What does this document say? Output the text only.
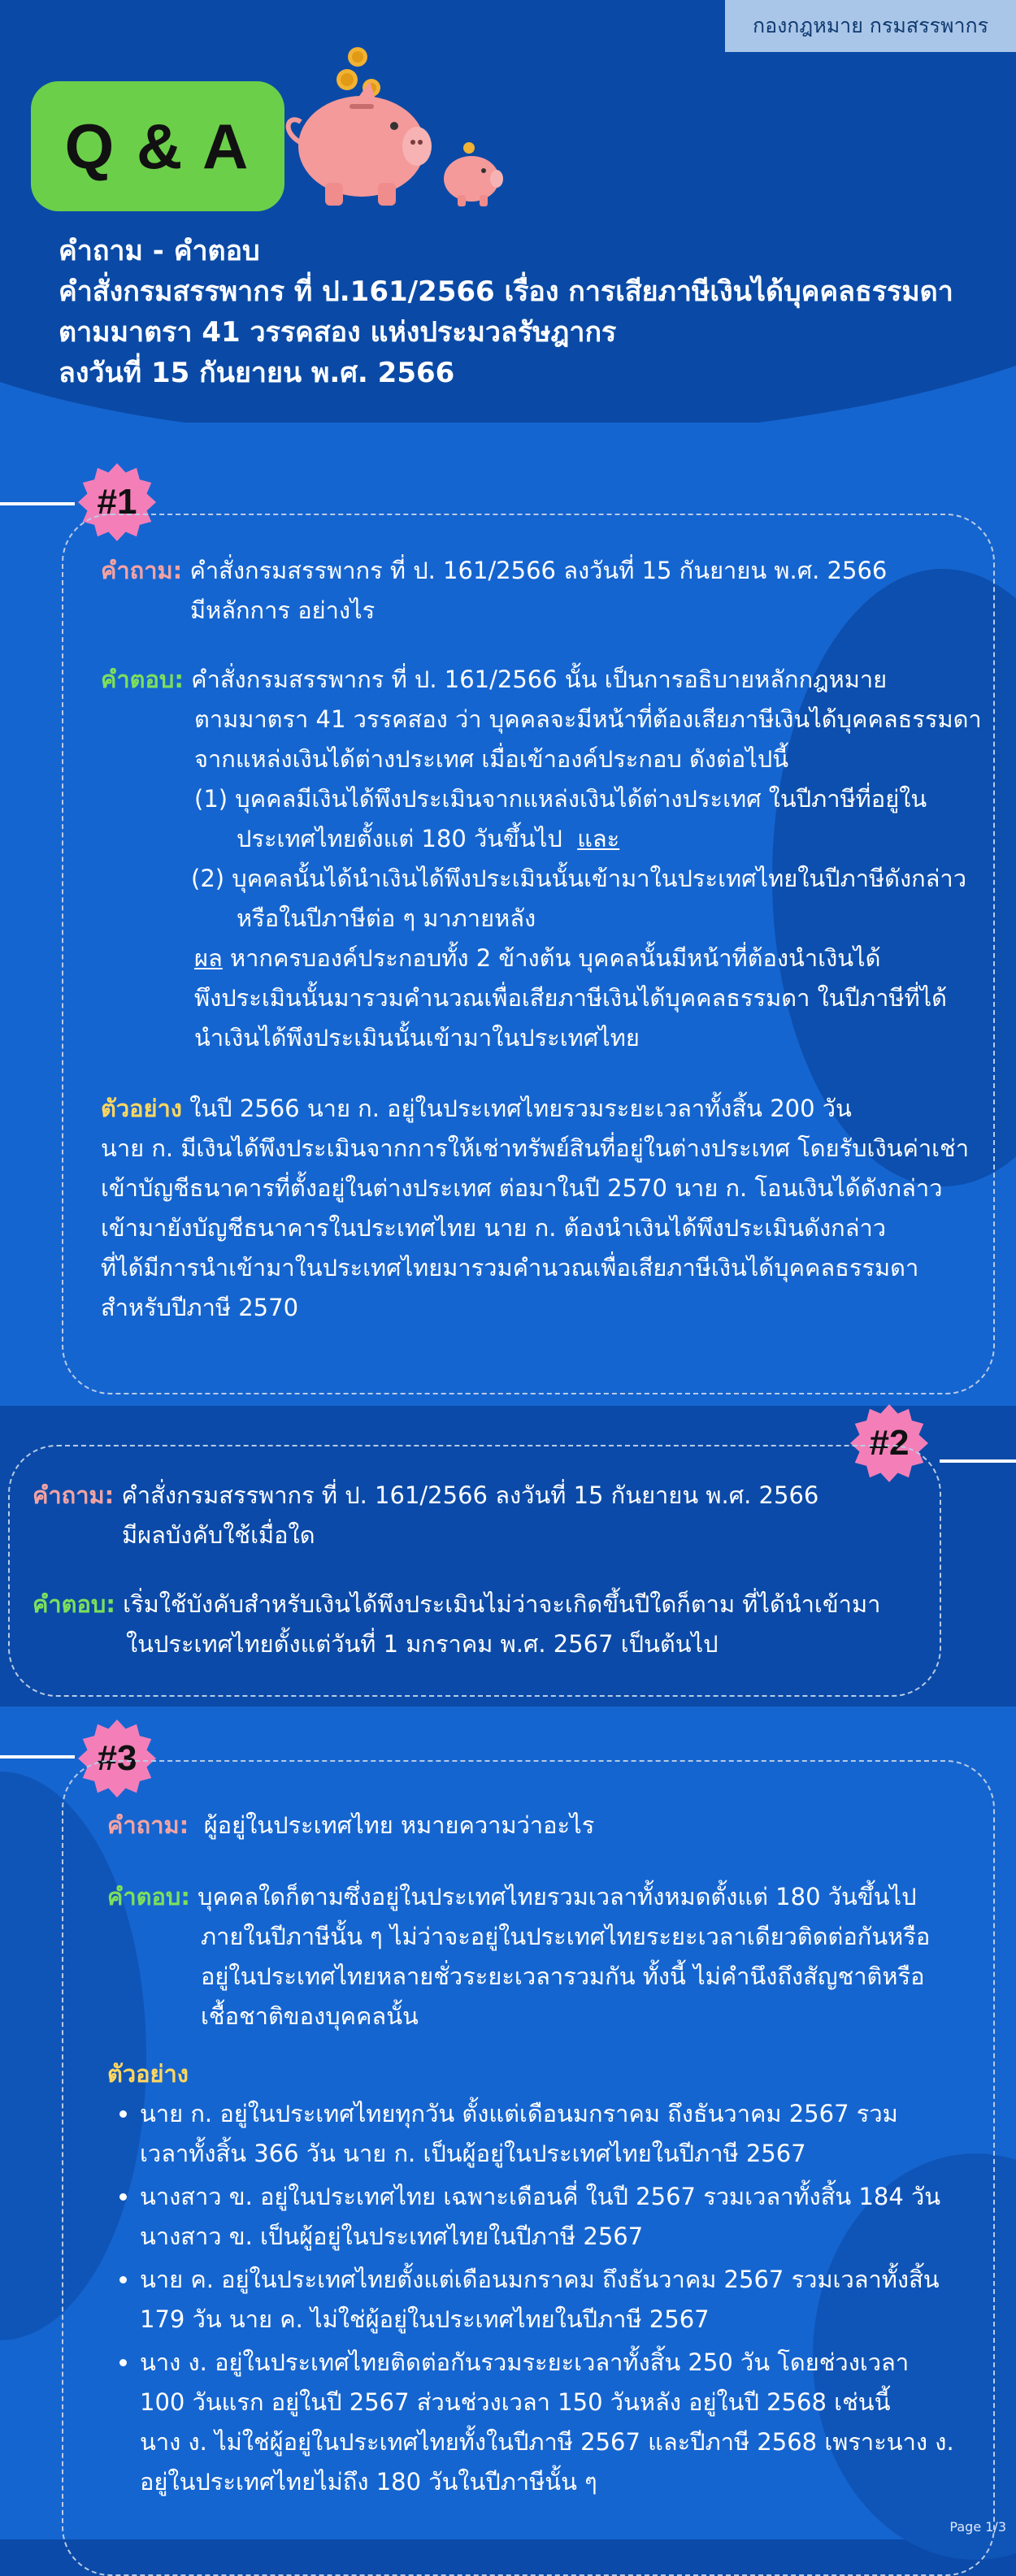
กองกฎหมาย กรมสรรพากร
Q & A
คำถาม - คำตอบ
คำสั่งกรมสรรพากร ที่ ป.161/2566 เรื่อง การเสียภาษีเงินได้บุคคลธรรมดา
ตามมาตรา 41 วรรคสอง แห่งประมวลรัษฎากร
ลงวันที่ 15 กันยายน พ.ศ. 2566
#1
คำถาม: คำสั่งกรมสรรพากร ที่ ป. 161/2566 ลงวันที่ 15 กันยายน พ.ศ. 2566
มีหลักการ อย่างไร
คำตอบ: คำสั่งกรมสรรพากร ที่ ป. 161/2566 นั้น เป็นการอธิบายหลักกฎหมาย
ตามมาตรา 41 วรรคสอง ว่า บุคคลจะมีหน้าที่ต้องเสียภาษีเงินได้บุคคลธรรมดา
จากแหล่งเงินได้ต่างประเทศ เมื่อเข้าองค์ประกอบ ดังต่อไปนี้
(1) บุคคลมีเงินได้พึงประเมินจากแหล่งเงินได้ต่างประเทศ ในปีภาษีที่อยู่ใน
ประเทศไทยตั้งแต่ 180 วันขึ้นไป และ
(2) บุคคลนั้นได้นำเงินได้พึงประเมินนั้นเข้ามาในประเทศไทยในปีภาษีดังกล่าว
หรือในปีภาษีต่อ ๆ มาภายหลัง
ผล หากครบองค์ประกอบทั้ง 2 ข้างต้น บุคคลนั้นมีหน้าที่ต้องนำเงินได้
พึงประเมินนั้นมารวมคำนวณเพื่อเสียภาษีเงินได้บุคคลธรรมดา ในปีภาษีที่ได้
นำเงินได้พึงประเมินนั้นเข้ามาในประเทศไทย
ตัวอย่าง ในปี 2566 นาย ก. อยู่ในประเทศไทยรวมระยะเวลาทั้งสิ้น 200 วัน
นาย ก. มีเงินได้พึงประเมินจากการให้เช่าทรัพย์สินที่อยู่ในต่างประเทศ โดยรับเงินค่าเช่า
เข้าบัญชีธนาคารที่ตั้งอยู่ในต่างประเทศ ต่อมาในปี 2570 นาย ก. โอนเงินได้ดังกล่าว
เข้ามายังบัญชีธนาคารในประเทศไทย นาย ก. ต้องนำเงินได้พึงประเมินดังกล่าว
ที่ได้มีการนำเข้ามาในประเทศไทยมารวมคำนวณเพื่อเสียภาษีเงินได้บุคคลธรรมดา
สำหรับปีภาษี 2570
#2
คำถาม: คำสั่งกรมสรรพากร ที่ ป. 161/2566 ลงวันที่ 15 กันยายน พ.ศ. 2566
มีผลบังคับใช้เมื่อใด
คำตอบ: เริ่มใช้บังคับสำหรับเงินได้พึงประเมินไม่ว่าจะเกิดขึ้นปีใดก็ตาม ที่ได้นำเข้ามา
ในประเทศไทยตั้งแต่วันที่ 1 มกราคม พ.ศ. 2567 เป็นต้นไป
#3
คำถาม: ผู้อยู่ในประเทศไทย หมายความว่าอะไร
คำตอบ: บุคคลใดก็ตามซึ่งอยู่ในประเทศไทยรวมเวลาทั้งหมดตั้งแต่ 180 วันขึ้นไป
ภายในปีภาษีนั้น ๆ ไม่ว่าจะอยู่ในประเทศไทยระยะเวลาเดียวติดต่อกันหรือ
อยู่ในประเทศไทยหลายชั่วระยะเวลารวมกัน ทั้งนี้ ไม่คำนึงถึงสัญชาติหรือ
เชื้อชาติของบุคคลนั้น
ตัวอย่าง
• นาย ก. อยู่ในประเทศไทยทุกวัน ตั้งแต่เดือนมกราคม ถึงธันวาคม 2567 รวม
เวลาทั้งสิ้น 366 วัน นาย ก. เป็นผู้อยู่ในประเทศไทยในปีภาษี 2567
• นางสาว ข. อยู่ในประเทศไทย เฉพาะเดือนคี่ ในปี 2567 รวมเวลาทั้งสิ้น 184 วัน
นางสาว ข. เป็นผู้อยู่ในประเทศไทยในปีภาษี 2567
• นาย ค. อยู่ในประเทศไทยตั้งแต่เดือนมกราคม ถึงธันวาคม 2567 รวมเวลาทั้งสิ้น
179 วัน นาย ค. ไม่ใช่ผู้อยู่ในประเทศไทยในปีภาษี 2567
• นาง ง. อยู่ในประเทศไทยติดต่อกันรวมระยะเวลาทั้งสิ้น 250 วัน โดยช่วงเวลา
100 วันแรก อยู่ในปี 2567 ส่วนช่วงเวลา 150 วันหลัง อยู่ในปี 2568 เช่นนี้
นาง ง. ไม่ใช่ผู้อยู่ในประเทศไทยทั้งในปีภาษี 2567 และปีภาษี 2568 เพราะนาง ง.
อยู่ในประเทศไทยไม่ถึง 180 วันในปีภาษีนั้น ๆ
Page 1/3
